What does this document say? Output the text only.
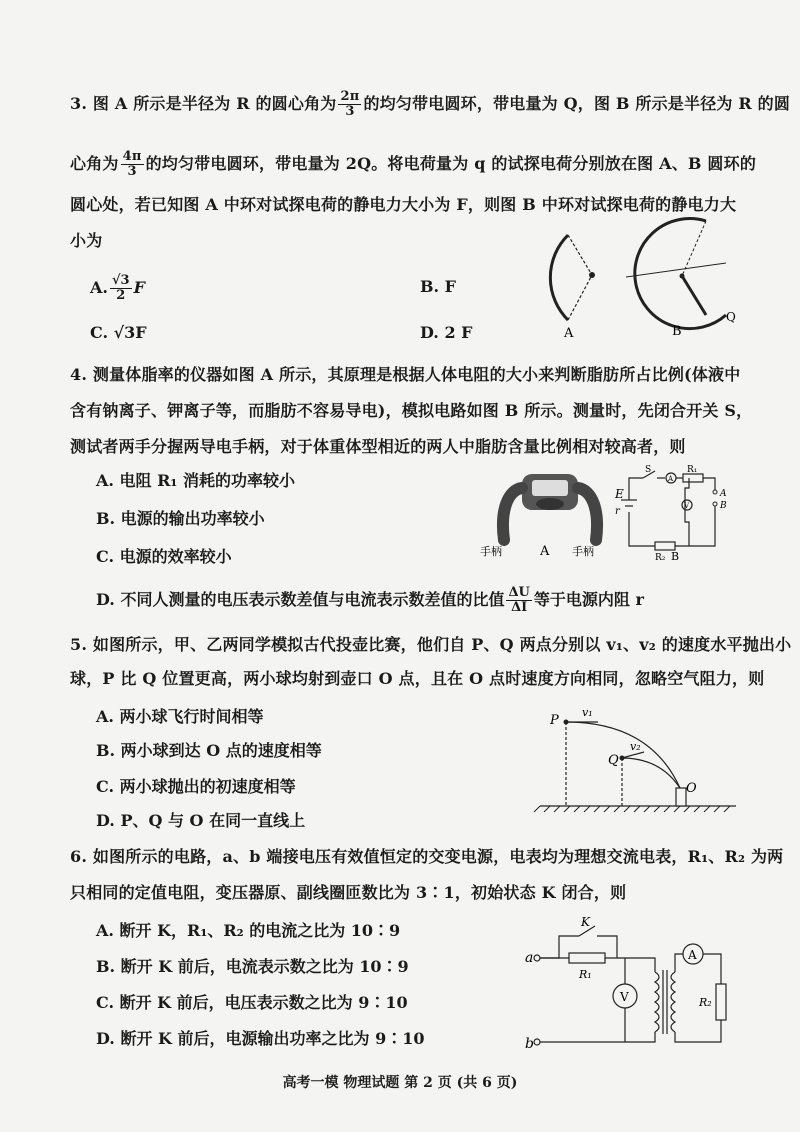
3. 图 A 所示是半径为 R 的圆心角为 $\frac{2\pi}{3}$ 的均匀带电圆环，带电量为 Q，图 B 所示是半径为 R 的圆
心角为 $\frac{4\pi}{3}$ 的均匀带电圆环，带电量为 2Q。将电荷量为 q 的试探电荷分别放在图 A、B 圆环的
圆心处，若已知图 A 中环对试探电荷的静电力大小为 F，则图 B 中环对试探电荷的静电力大
小为
A. $\frac{√3}{2}$ F	B. F
C. √3F	D. 2 F	A	B
Q
4. 测量体脂率的仪器如图 A 所示，其原理是根据人体电阻的大小来判断脂肪所占比例(体液中
含有钠离子、钾离子等，而脂肪不容易导电)，模拟电路如图 B 所示。测量时，先闭合开关 S，
测试者两手分握两导电手柄，对于体重体型相近的两人中脂肪含量比例相对较高者，则
A. 电阻 R₁ 消耗的功率较小
B. 电源的输出功率较小
C. 电源的效率较小
D. 不同人测量的电压表示数差值与电流表示数差值的比值 $\frac{\Delta U}{\Delta I}$ 等于电源内阻 r
手柄	A 手柄
E
r
S
A
V
R₁
R₂ B
A
B
5. 如图所示，甲、乙两同学模拟古代投壶比赛，他们自 P、Q 两点分别以 v₁、v₂ 的速度水平抛出小
球，P 比 Q 位置更高，两小球均射到壶口 O 点，且在 O 点时速度方向相同，忽略空气阻力，则
A. 两小球飞行时间相等
B. 两小球到达 O 点的速度相等
C. 两小球抛出的初速度相等
D. P、Q 与 O 在同一直线上
P
Q
O
v₁
v₂
6. 如图所示的电路，a、b 端接电压有效值恒定的交变电源，电表均为理想交流电表，R₁、R₂ 为两
只相同的定值电阻，变压器原、副线圈匝数比为 3∶1，初始状态 K 闭合，则
A. 断开 K，R₁、R₂ 的电流之比为 10∶9
B. 断开 K 前后，电流表示数之比为 10∶9
C. 断开 K 前后，电压表示数之比为 9∶10
D. 断开 K 前后，电源输出功率之比为 9∶10
a
b
K
R₁
R₂
V
A
高考一模 物理试题 第 2 页 (共 6 页)
